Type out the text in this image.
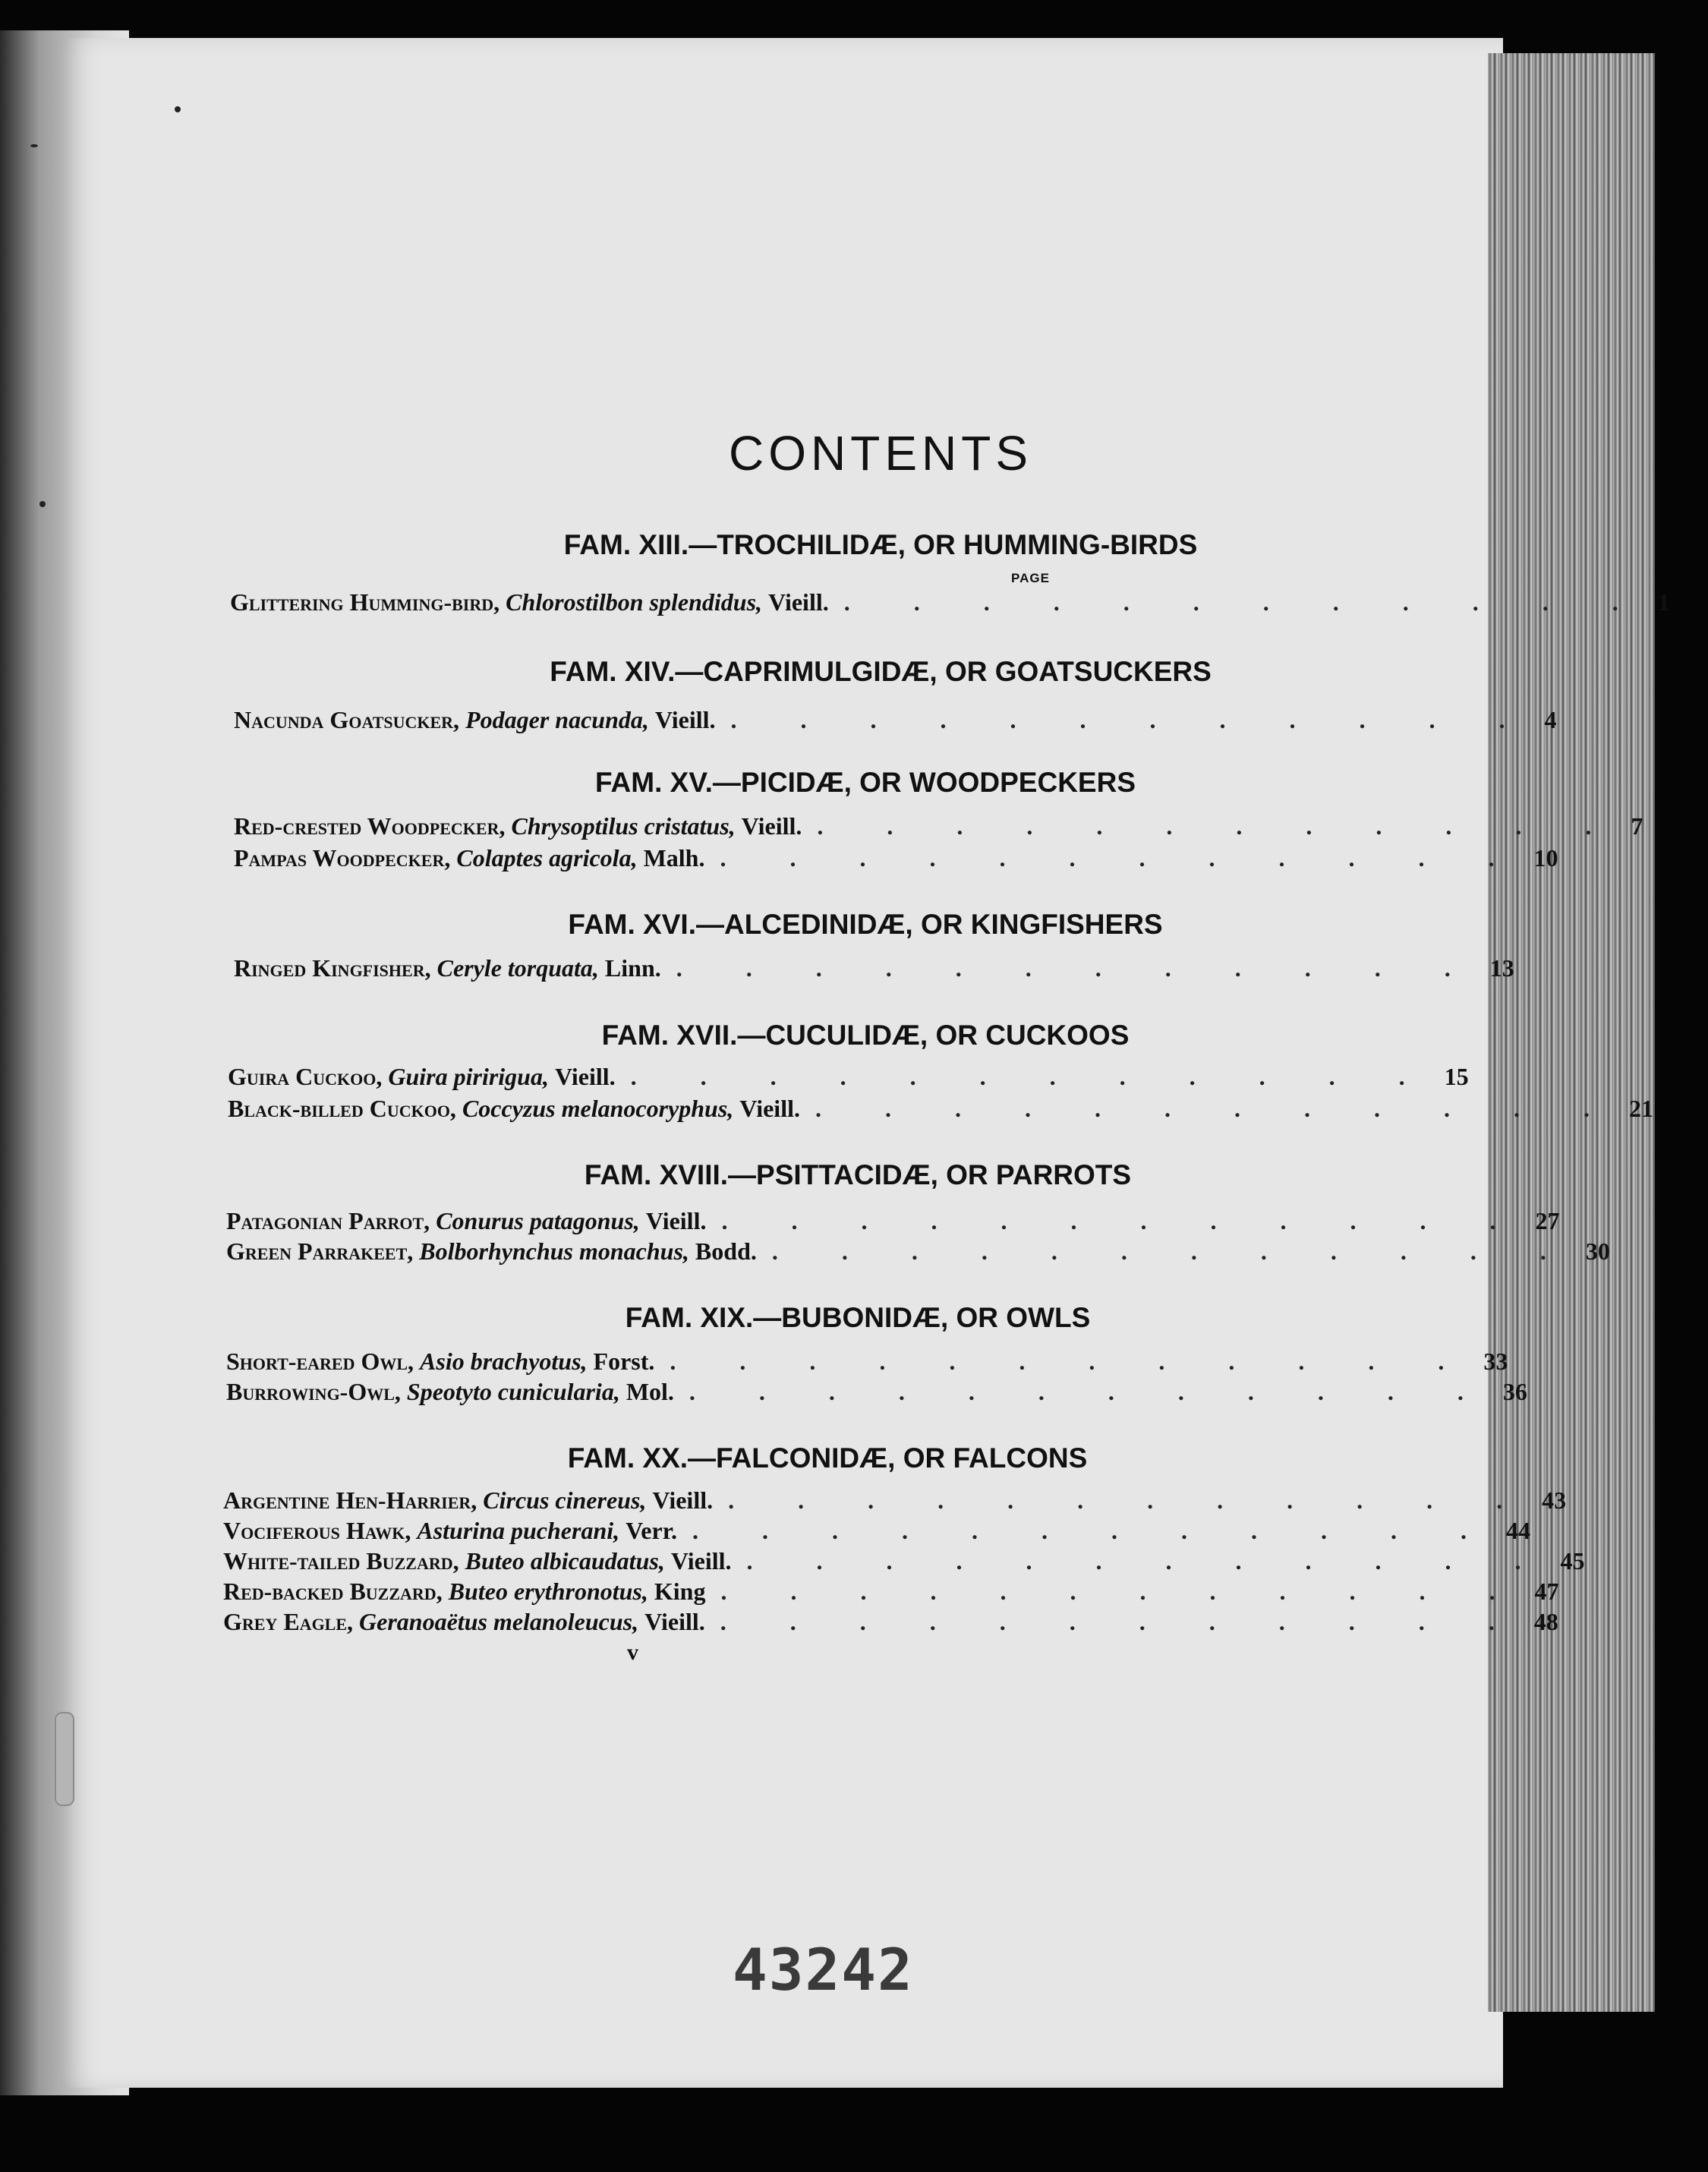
CONTENTS
PAGE
FAM. XIII.—TROCHILIDÆ, OR HUMMING-BIRDS
Glittering Humming-bird,
Chlorostilbon splendidus,
Vieill. . . . . . . . . . . . . 1
FAM. XIV.—CAPRIMULGIDÆ, OR GOATSUCKERS
Nacunda Goatsucker,
Podager nacunda,
Vieill. . . . . . . . . . . . . 4
FAM. XV.—PICIDÆ, OR WOODPECKERS
Red-crested Woodpecker,
Chrysoptilus cristatus,
Vieill. . . . . . . . . . . . . 7
Pampas Woodpecker,
Colaptes agricola,
Malh. . . . . . . . . . . . . 10
FAM. XVI.—ALCEDINIDÆ, OR KINGFISHERS
Ringed Kingfisher,
Ceryle torquata,
Linn. . . . . . . . . . . . . 13
FAM. XVII.—CUCULIDÆ, OR CUCKOOS
Guira Cuckoo,
Guira piririgua,
Vieill. . . . . . . . . . . . . 15
Black-billed Cuckoo,
Coccyzus melanocoryphus,
Vieill. . . . . . . . . . . . . 21
FAM. XVIII.—PSITTACIDÆ, OR PARROTS
Patagonian Parrot,
Conurus patagonus,
Vieill. . . . . . . . . . . . . 27
Green Parrakeet,
Bolborhynchus monachus,
Bodd. . . . . . . . . . . . . 30
FAM. XIX.—BUBONIDÆ, OR OWLS
Short-eared Owl,
Asio brachyotus,
Forst. . . . . . . . . . . . . 33
Burrowing-Owl,
Speotyto cunicularia,
Mol. . . . . . . . . . . . . 36
FAM. XX.—FALCONIDÆ, OR FALCONS
Argentine Hen-Harrier,
Circus cinereus,
Vieill. . . . . . . . . . . . . 43
Vociferous Hawk,
Asturina pucherani,
Verr. . . . . . . . . . . . . 44
White-tailed Buzzard,
Buteo albicaudatus,
Vieill. . . . . . . . . . . . . 45
Red-backed Buzzard,
Buteo erythronotus,
King . . . . . . . . . . . . 47
Grey Eagle,
Geranoaëtus melanoleucus,
Vieill. . . . . . . . . . . . . 48
v
43242
